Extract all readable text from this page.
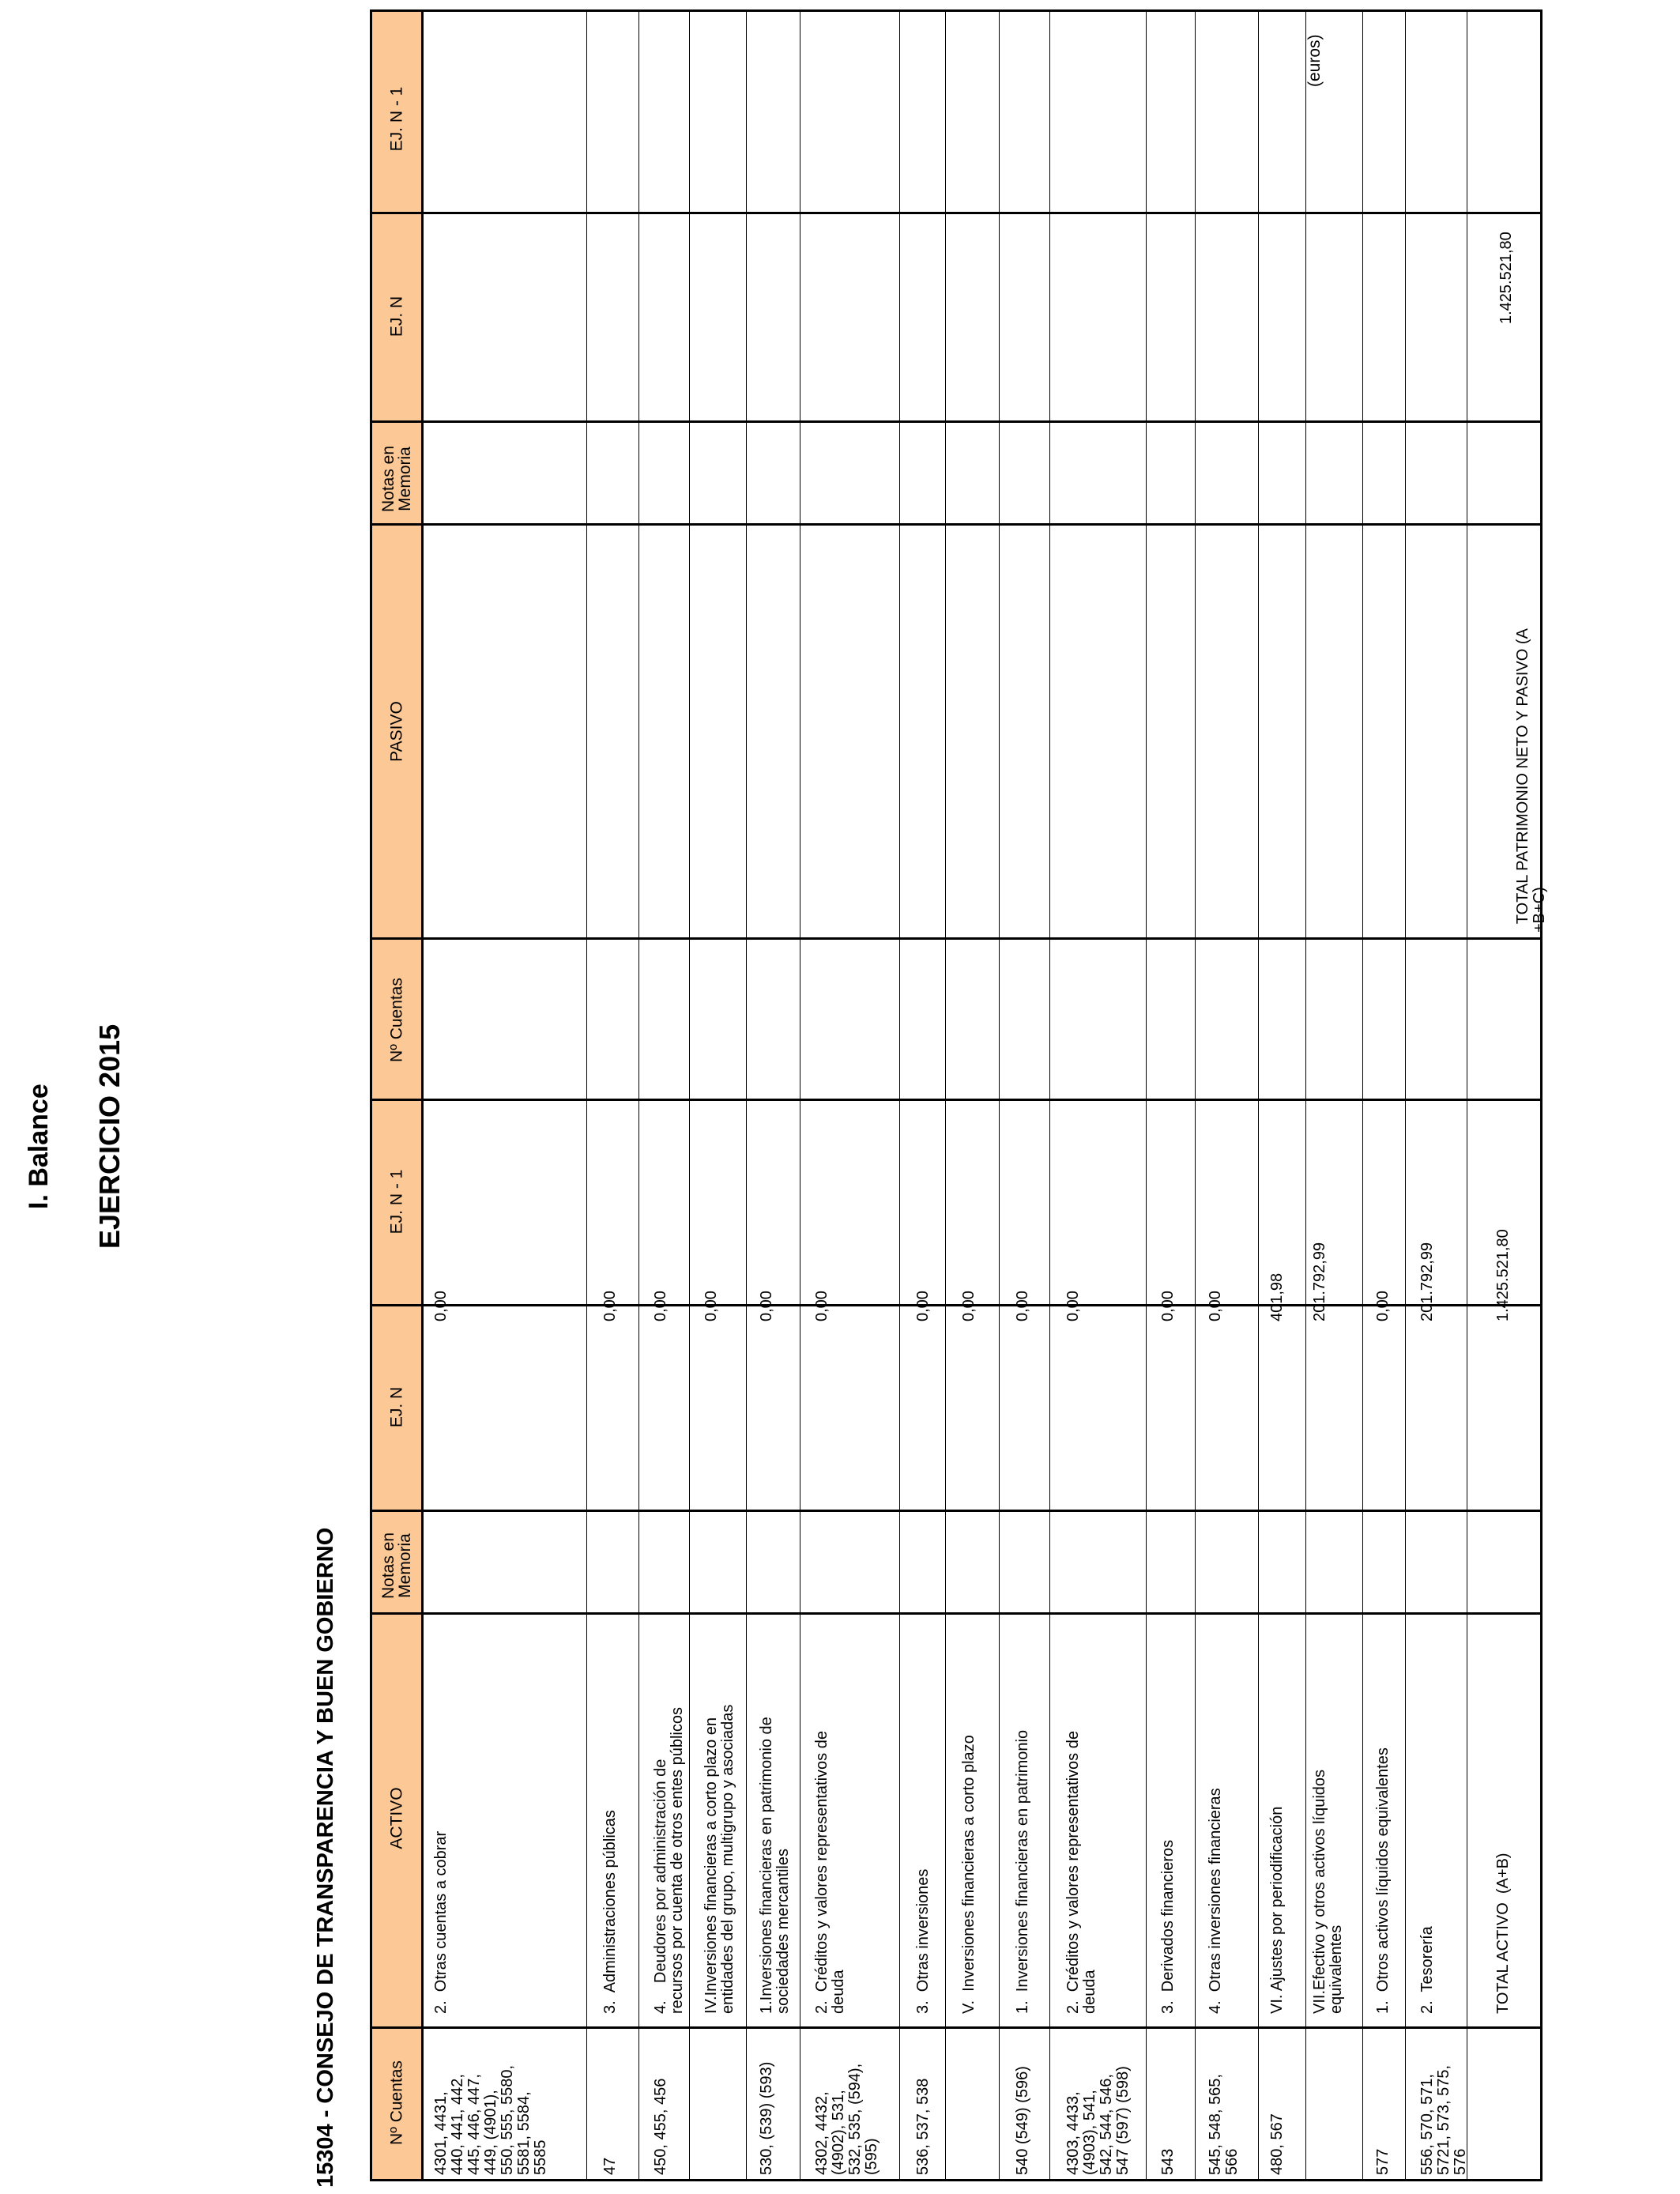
I. Balance EJERCICIO 2015
15304 - CONSEJO DE TRANSPARENCIA Y BUEN GOBIERNO
(euros)
EJ. N - 1
EJ. N
Notas en Memoria
PASIVO
Nº Cuentas
EJ. N - 1
EJ. N
Notas en Memoria
ACTIVO
Nº Cuentas
4301, 4431,
440, 441, 442,
445, 446, 447,
449, (4901),
550, 555, 5580,
5581, 5584,
5585
2.  Otras cuentas a cobrar
0,00
47
3.  Administraciones públicas
0,00
450, 455, 456
4.    Deudores por administración de
recursos por cuenta de otros entes públicos
0,00
IV.Inversiones financieras a corto plazo en
entidades del grupo, multigrupo y asociadas
0,00
530, (539) (593)
1.Inversiones financieras en patrimonio de
sociedades mercantiles
0,00
4302, 4432,
(4902), 531,
532, 535, (594),
(595)
2.  Créditos y valores representativos de
deuda
0,00
536, 537, 538
3.  Otras inversiones
0,00
V.  Inversiones financieras a corto plazo
0,00
540 (549) (596)
1.  Inversiones financieras en patrimonio
0,00
4303, 4433,
(4903), 541,
542, 544, 546,
547 (597) (598)
2.  Créditos y valores representativos de
deuda
0,00
543
3.  Derivados financieros
0,00
545, 548, 565,
566
4.  Otras inversiones financieras
0,00
480, 567
VI. Ajustes por periodificación
401,98
VII.Efectivo y otros activos líquidos
equivalentes
201.792,99
577
1.  Otros activos líquidos equivalentes
0,00
556, 570, 571,
5721, 573, 575,
576
2.  Tesorería
201.792,99
TOTAL ACTIVO  (A+B)
1.425.521,80

TOTAL PATRIMONIO NETO Y PASIVO (A
+B+C)

1.425.521,80
